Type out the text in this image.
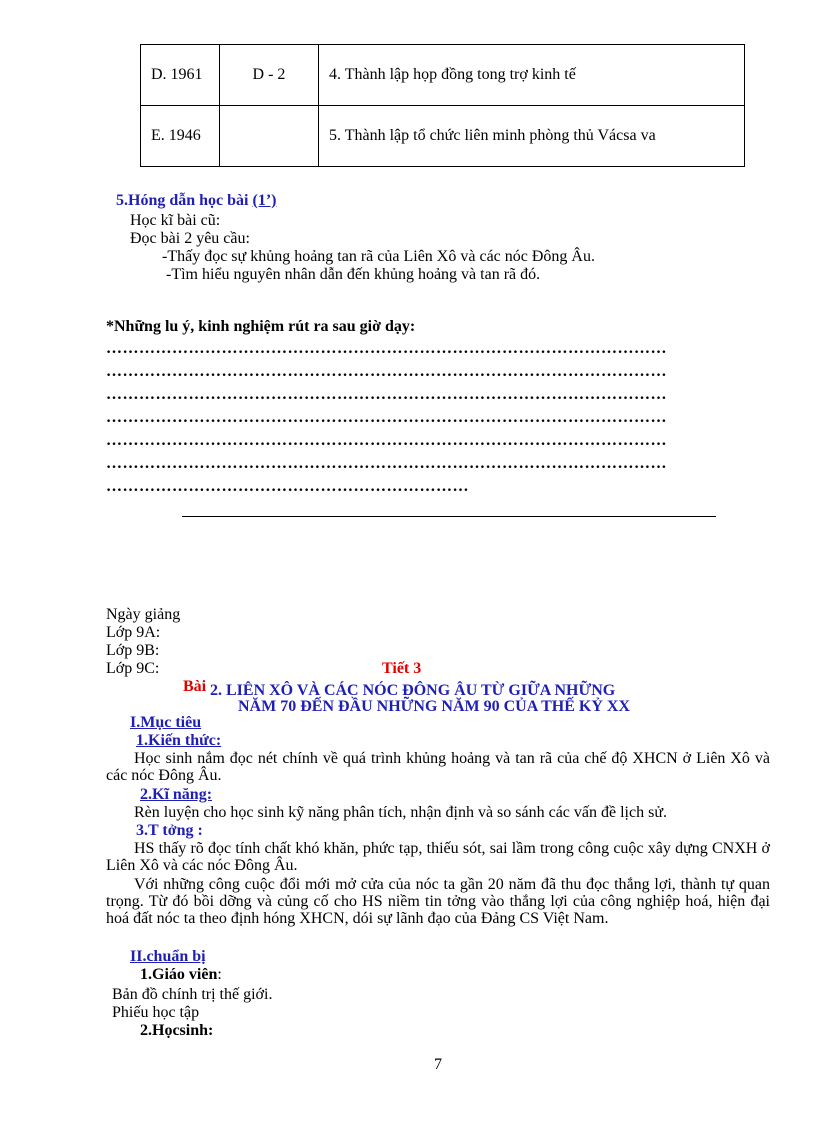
D. 1961	D - 2	4. Thành lập họp đồng tong trợ kinh tế
E. 1946		5. Thành lập tổ chức liên minh phòng thủ Vácsa va
5.Hóng dẫn học bài (1’)
Học kĩ bài cũ:
Đọc bài 2 yêu cầu:
-Thấy đọc sự khủng hoảng tan rã của Liên Xô và các nóc Đông Âu.
-Tìm hiểu nguyên nhân dẫn đến khủng hoảng và tan rã đó.
*Những lu ý, kinh nghiệm rút ra sau giờ dạy:
…………………………………………………………………………………………
…………………………………………………………………………………………
…………………………………………………………………………………………
…………………………………………………………………………………………
…………………………………………………………………………………………
…………………………………………………………………………………………
…………………………………………………………
Ngày giảng
Lớp 9A:
Lớp 9B:
Lớp 9C:	Tiết 3
Bài 2. LIÊN XÔ VÀ CÁC NÓC ĐÔNG ÂU TỪ GIỮA NHỮNG
NĂM 70 ĐẾN ĐẦU NHỮNG NĂM 90 CỦA THẾ KỶ XX
I.Mục tiêu
1.Kiến thức:
Học sinh nắm đọc nét chính về quá trình khủng hoảng và tan rã của chế độ XHCN ở Liên Xô và các nóc Đông Âu.
2.Kĩ năng:
Rèn luyện cho học sinh kỹ năng phân tích, nhận định và so sánh các vấn đề lịch sử.
3.T tởng :
HS thấy rõ đọc tính chất khó khăn, phức tạp, thiếu sót, sai lầm trong công cuộc xây dựng CNXH ở Liên Xô và các nóc Đông Âu.
Với những công cuộc đổi mới mở cửa của nóc ta gần 20 năm đã thu đọc thắng lợi, thành tự quan trọng. Từ đó bồi dỡng và củng cố cho HS niềm tin tởng vào thắng lợi của công nghiệp hoá, hiện đại hoá đất nóc ta theo định hóng XHCN, dói sự lãnh đạo của Đảng CS Việt Nam.
II.chuẩn bị
1.Giáo viên:
Bản đồ chính trị thế giới.
Phiếu học tập
2.Họcsinh:
7
